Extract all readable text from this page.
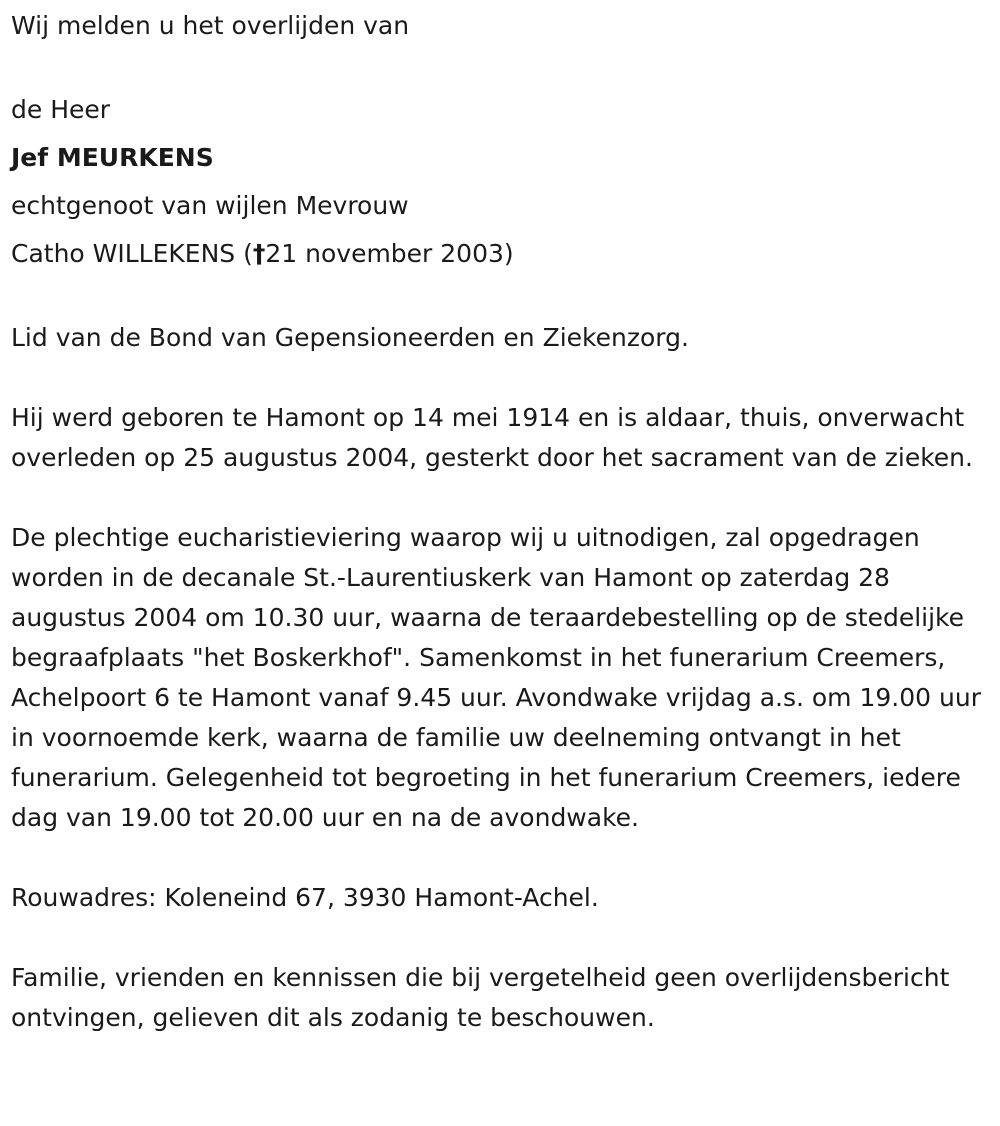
Wij melden u het overlijden van

de Heer
Jef MEURKENS
echtgenoot van wijlen Mevrouw
Catho WILLEKENS (†21 november 2003)

Lid van de Bond van Gepensioneerden en Ziekenzorg.

Hij werd geboren te Hamont op 14 mei 1914 en is aldaar, thuis, onverwacht overleden op 25 augustus 2004, gesterkt door het sacrament van de zieken.

De plechtige eucharistieviering waarop wij u uitnodigen, zal opgedragen worden in de decanale St.-Laurentiuskerk van Hamont op zaterdag 28 augustus 2004 om 10.30 uur, waarna de teraardebestelling op de stedelijke begraafplaats "het Boskerkhof". Samenkomst in het funerarium Creemers, Achelpoort 6 te Hamont vanaf 9.45 uur. Avondwake vrijdag a.s. om 19.00 uur in voornoemde kerk, waarna de familie uw deelneming ontvangt in het funerarium. Gelegenheid tot begroeting in het funerarium Creemers, iedere dag van 19.00 tot 20.00 uur en na de avondwake.

Rouwadres: Koleneind 67, 3930 Hamont-Achel.

Familie, vrienden en kennissen die bij vergetelheid geen overlijdensbericht ontvingen, gelieven dit als zodanig te beschouwen.
